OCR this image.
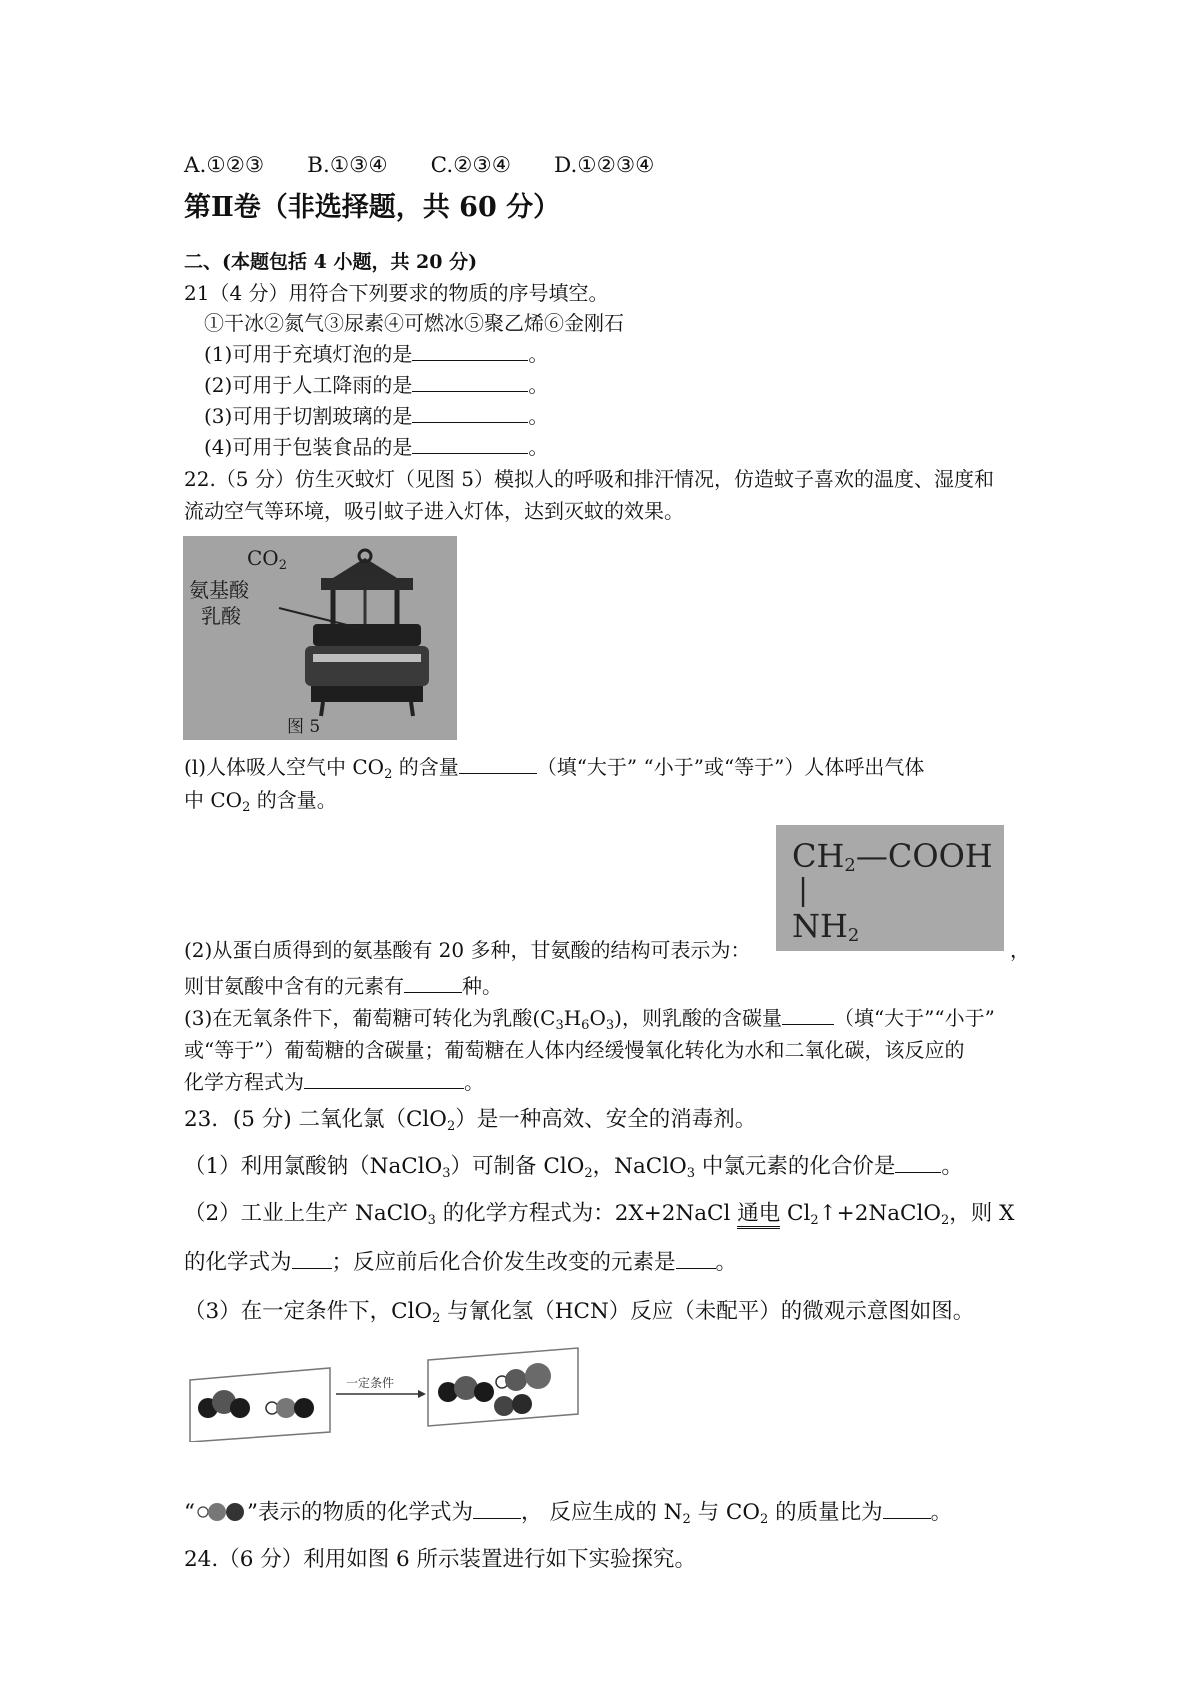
A.①②③　　B.①③④　　C.②③④　　D.①②③④
第Ⅱ卷（非选择题，共 60 分）
二、(本题包括 4 小题，共 20 分)
21（4 分）用符合下列要求的物质的序号填空。
①干冰②氮气③尿素④可燃冰⑤聚乙烯⑥金刚石
(1)可用于充填灯泡的是	。
(2)可用于人工降雨的是	。
(3)可用于切割玻璃的是	。
(4)可用于包装食品的是	。
22.（5 分）仿生灭蚊灯（见图 5）模拟人的呼吸和排汗情况，仿造蚊子喜欢的温度、湿度和
流动空气等环境，吸引蚊子进入灯体，达到灭蚊的效果。
$CO_2$
氨基酸
乳酸
图 5
(l)人体吸人空气中 $CO_2$ 的含量	（填“大于” “小于”或“等于”）人体呼出气体
中 $CO_2$ 的含量。
$CH_2—COOH$
|
$NH_2$
(2)从蛋白质得到的氨基酸有 20 多种，甘氨酸的结构可表示为：	，
则甘氨酸中含有的元素有	种。
(3)在无氧条件下，葡萄糖可转化为乳酸$(C_3H_6O_3)$，则乳酸的含碳量	（填“大于”“小于”
或“等于”）葡萄糖的含碳量；葡萄糖在人体内经缓慢氧化转化为水和二氧化碳，该反应的
化学方程式为	。
23．(5 分) 二氧化氯（ClO$_2$）是一种高效、安全的消毒剂。
（1）利用氯酸钠（NaClO$_3$）可制备 ClO$_2$，NaClO$_3$ 中氯元素的化合价是 。
（2）工业上生产 NaClO$_3$ 的化学方程式为：2X+2NaCl 通电 $Cl_2↑+2NaClO_2$，则 X
的化学式为 ；反应前后化合价发生改变的元素是 。
（3）在一定条件下，ClO$_2$ 与氰化氢（HCN）反应（未配平）的微观示意图如图。
一定条件
“ ”表示的物质的化学式为 ， 反应生成的 $N_2$ 与 $CO_2$ 的质量比为 。
24.（6 分）利用如图 6 所示装置进行如下实验探究。
